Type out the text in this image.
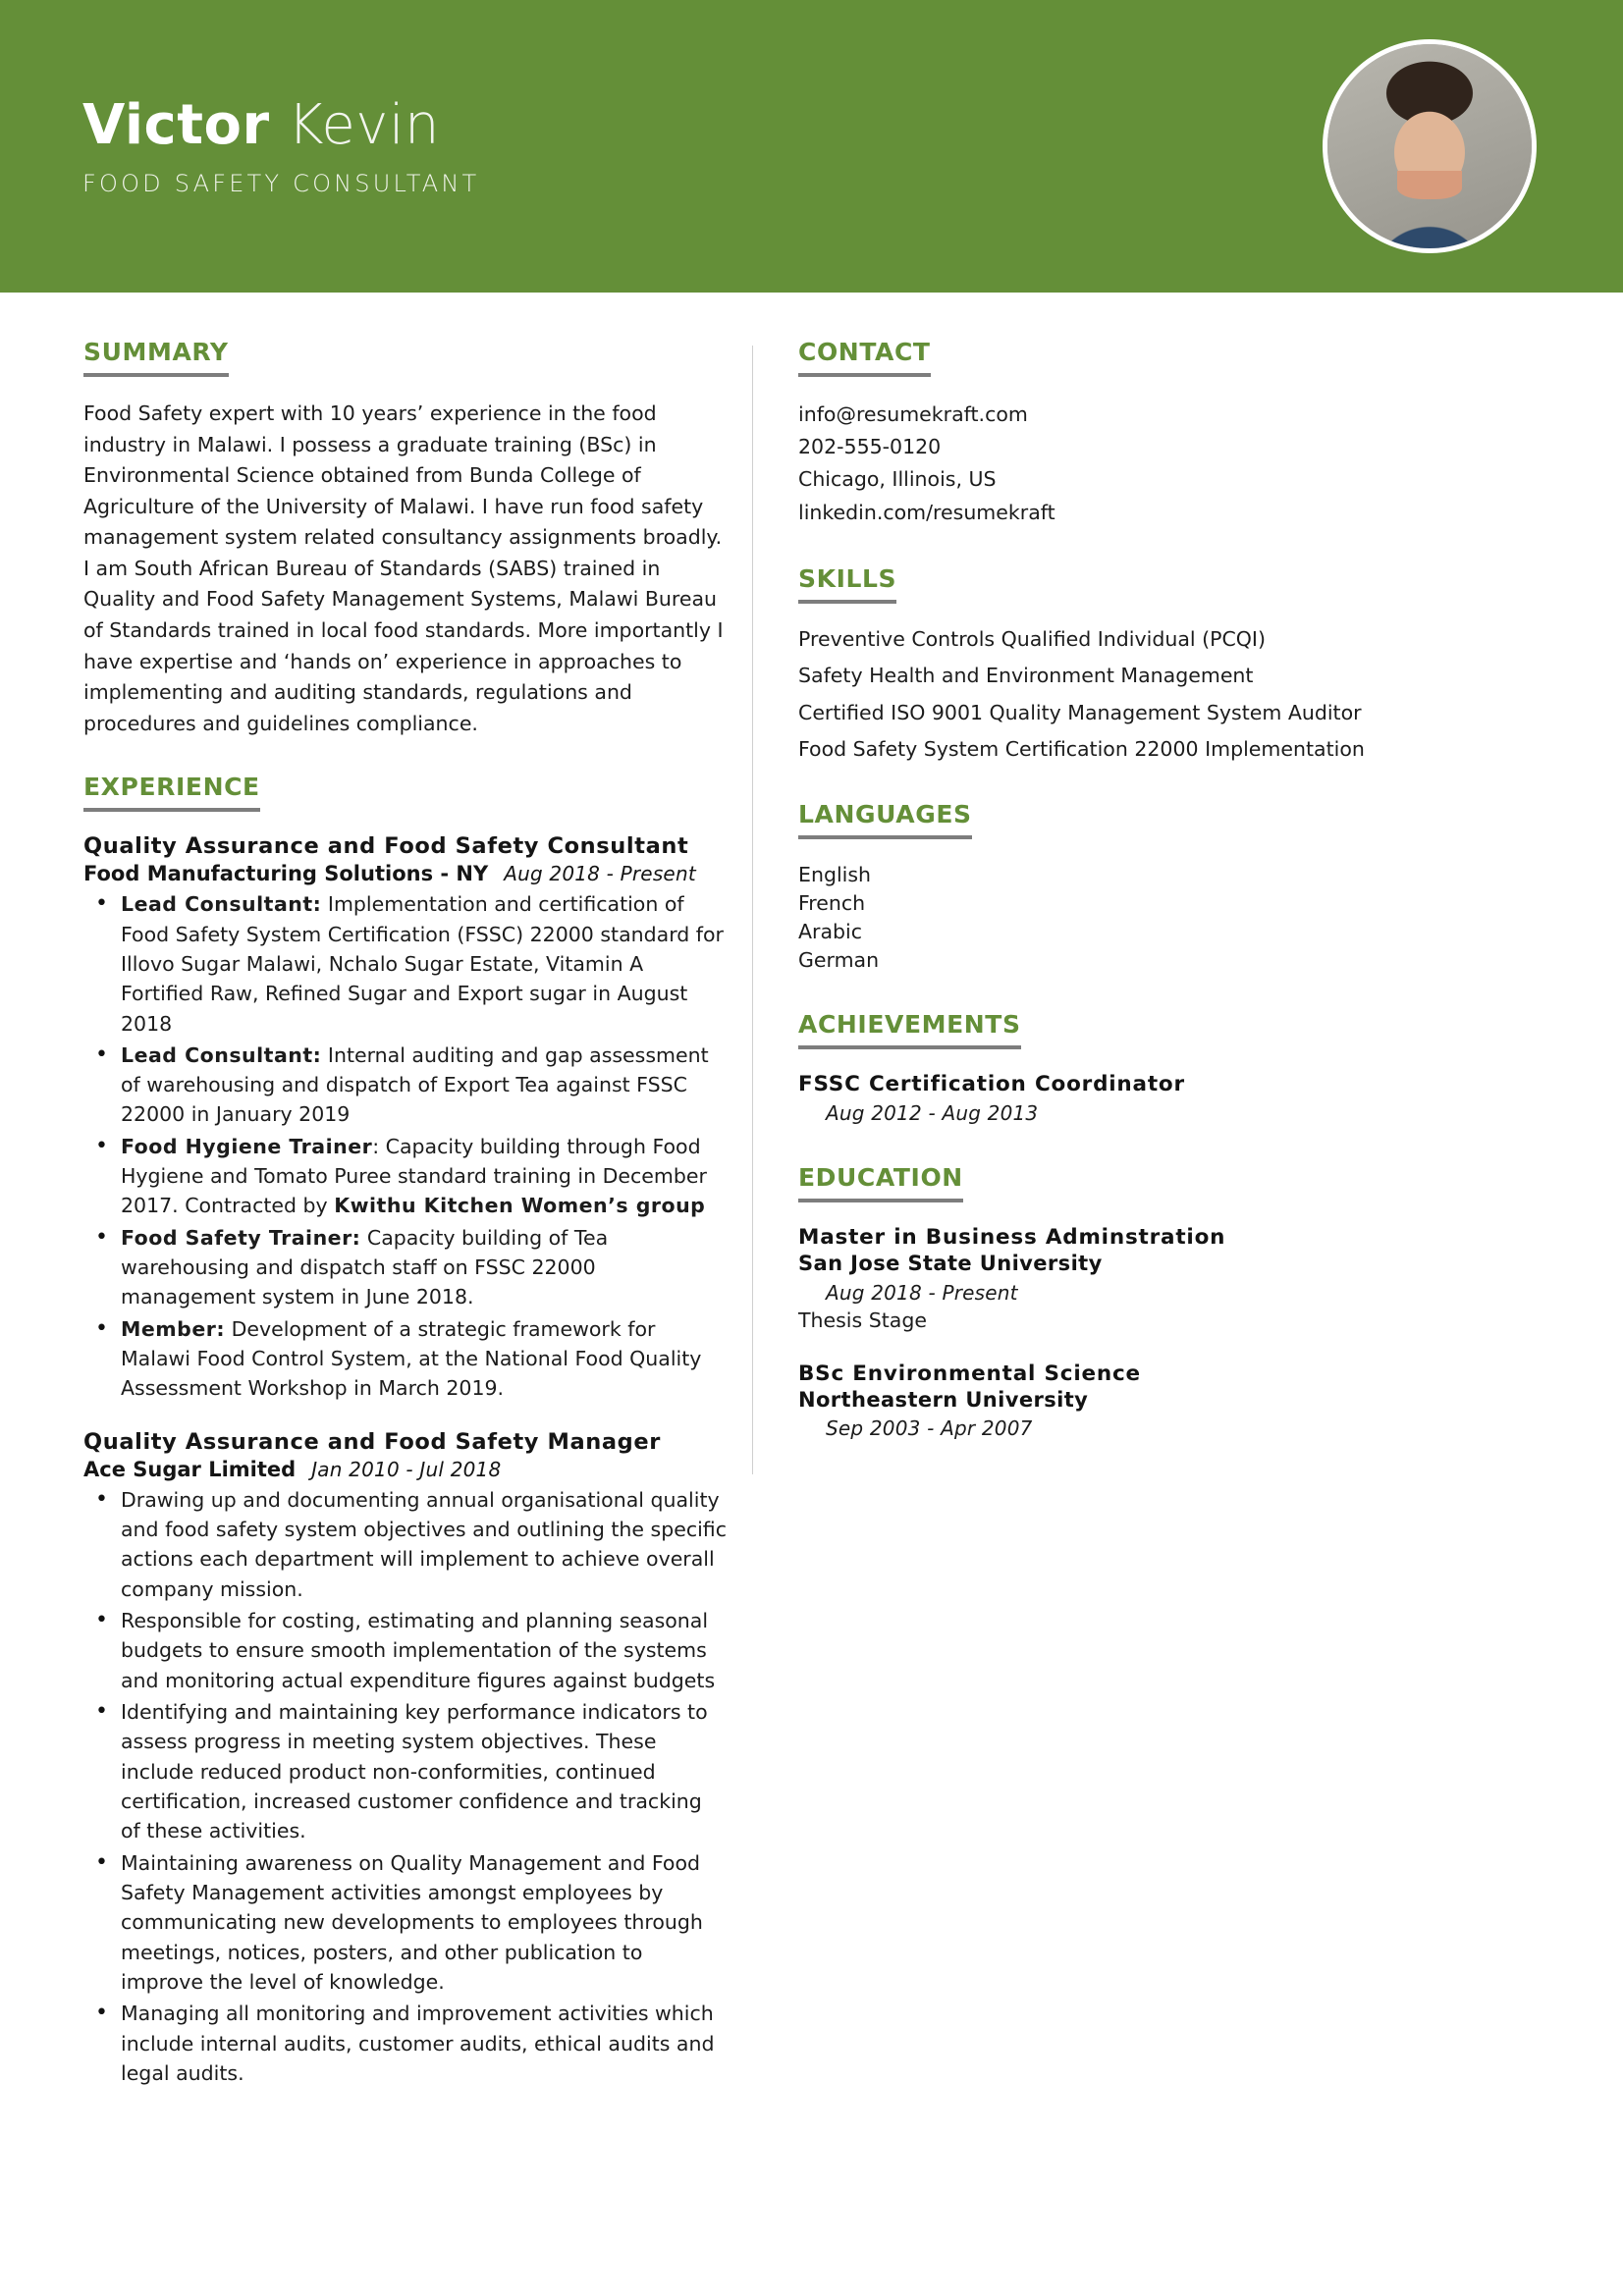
Victor Kevin
FOOD SAFETY CONSULTANT
SUMMARY
Food Safety expert with 10 years’ experience in the food industry in Malawi. I possess a graduate training (BSc) in Environmental Science obtained from Bunda College of Agriculture of the University of Malawi. I have run food safety management system related consultancy assignments broadly. I am South African Bureau of Standards (SABS) trained in Quality and Food Safety Management Systems, Malawi Bureau of Standards trained in local food standards. More importantly I have expertise and ‘hands on’ experience in approaches to implementing and auditing standards, regulations and procedures and guidelines compliance.
EXPERIENCE
Quality Assurance and Food Safety Consultant
Food Manufacturing Solutions - NY Aug 2018 - Present
• Lead Consultant: Implementation and certification of Food Safety System Certification (FSSC) 22000 standard for Illovo Sugar Malawi, Nchalo Sugar Estate, Vitamin A Fortified Raw, Refined Sugar and Export sugar in August 2018
• Lead Consultant: Internal auditing and gap assessment of warehousing and dispatch of Export Tea against FSSC 22000 in January 2019
• Food Hygiene Trainer: Capacity building through Food Hygiene and Tomato Puree standard training in December 2017. Contracted by Kwithu Kitchen Women’s group
• Food Safety Trainer: Capacity building of Tea warehousing and dispatch staff on FSSC 22000 management system in June 2018.
• Member: Development of a strategic framework for Malawi Food Control System, at the National Food Quality Assessment Workshop in March 2019.
Quality Assurance and Food Safety Manager
Ace Sugar Limited Jan 2010 - Jul 2018
• Drawing up and documenting annual organisational quality and food safety system objectives and outlining the specific actions each department will implement to achieve overall company mission.
• Responsible for costing, estimating and planning seasonal budgets to ensure smooth implementation of the systems and monitoring actual expenditure figures against budgets
• Identifying and maintaining key performance indicators to assess progress in meeting system objectives. These include reduced product non-conformities, continued certification, increased customer confidence and tracking of these activities.
• Maintaining awareness on Quality Management and Food Safety Management activities amongst employees by communicating new developments to employees through meetings, notices, posters, and other publication to improve the level of knowledge.
• Managing all monitoring and improvement activities which include internal audits, customer audits, ethical audits and legal audits.
CONTACT
info@resumekraft.com
202-555-0120
Chicago, Illinois, US
linkedin.com/resumekraft
SKILLS
Preventive Controls Qualified Individual (PCQI)
Safety Health and Environment Management
Certified ISO 9001 Quality Management System Auditor
Food Safety System Certification 22000 Implementation
LANGUAGES
English
French
Arabic
German
ACHIEVEMENTS
FSSC Certification Coordinator
Aug 2012 - Aug 2013
EDUCATION
Master in Business Adminstration
San Jose State University
Aug 2018 - Present
Thesis Stage
BSc Environmental Science
Northeastern University
Sep 2003 - Apr 2007
